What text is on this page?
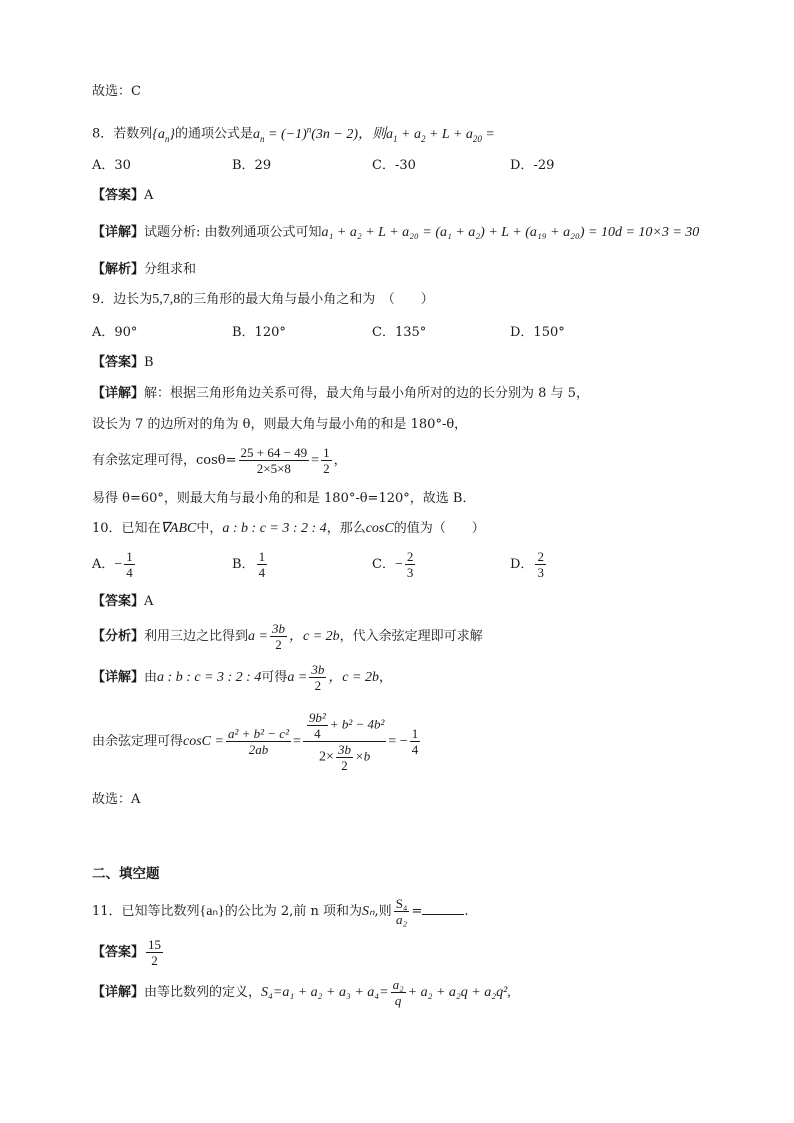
故选：C
8．若数列$\{a_n\}$的通项公式是$a_n = (-1)^n(3n - 2)$，则$a_1 + a_2 + L + a_{20}$ =
A．30	B．29	C．-30	D．-29
【答案】A
【详解】试题分析: 由数列通项公式可知a₁ + a₂ + L + a₂₀ = (a₁ + a₂) + L + (a₁₉ + a₂₀) = 10d = 10×3 = 30
【解析】分组求和
9．边长为5,7,8的三角形的最大角与最小角之和为　（　　）
A．90°	B．120°	C．135°	D．150°
【答案】B
【详解】解：根据三角形角边关系可得，最大角与最小角所对的边的长分别为 8 与 5，
设长为 7 的边所对的角为 θ，则最大角与最小角的和是 180°-θ，
有余弦定理可得，$\cos\theta= \frac{25 + 64 - 49}{2\times 5\times 8} = \frac{1}{2}$ ，
易得 θ=60°，则最大角与最小角的和是 180°-θ=120°，故选 B．
10．已知在∇ABC中，a : b : c = 3 : 2 : 4，那么cosC的值为（　　）
A．− $\frac{1}{4}$	B． $\frac{1}{4}$	C．− $\frac{2}{3}$	D． $\frac{2}{3}$
【答案】A
【分析】利用三边之比得到$a = \frac{3b}{2}$ ，c = 2b，代入余弦定理即可求解
【详解】由a : b : c = 3 : 2 : 4可得$a = \frac{3b}{2}$ ，c = 2b，
由余弦定理可得$\cos C = \frac{\text{a² + b² − c²}}{2ab} = \frac{\frac{\text{9b²}}{4} + b^2 - 4b^2}{2\times \frac{3b}{2} \times b}$ = − $\frac{1}{4}$
故选：A
二、填空题
11．已知等比数列{aₙ}的公比为 2,前 n 项和为Sₙ,则 $\frac{\text{S₄}}{\text{a₂}}$ =	.
【答案】 $\frac{15}{2}$
【详解】由等比数列的定义，$S_4=a_1 + a_2 + a_3 + a_4= \frac{\text{a₂}}{q} + a_2 + a_2q + a_2q^2$,
